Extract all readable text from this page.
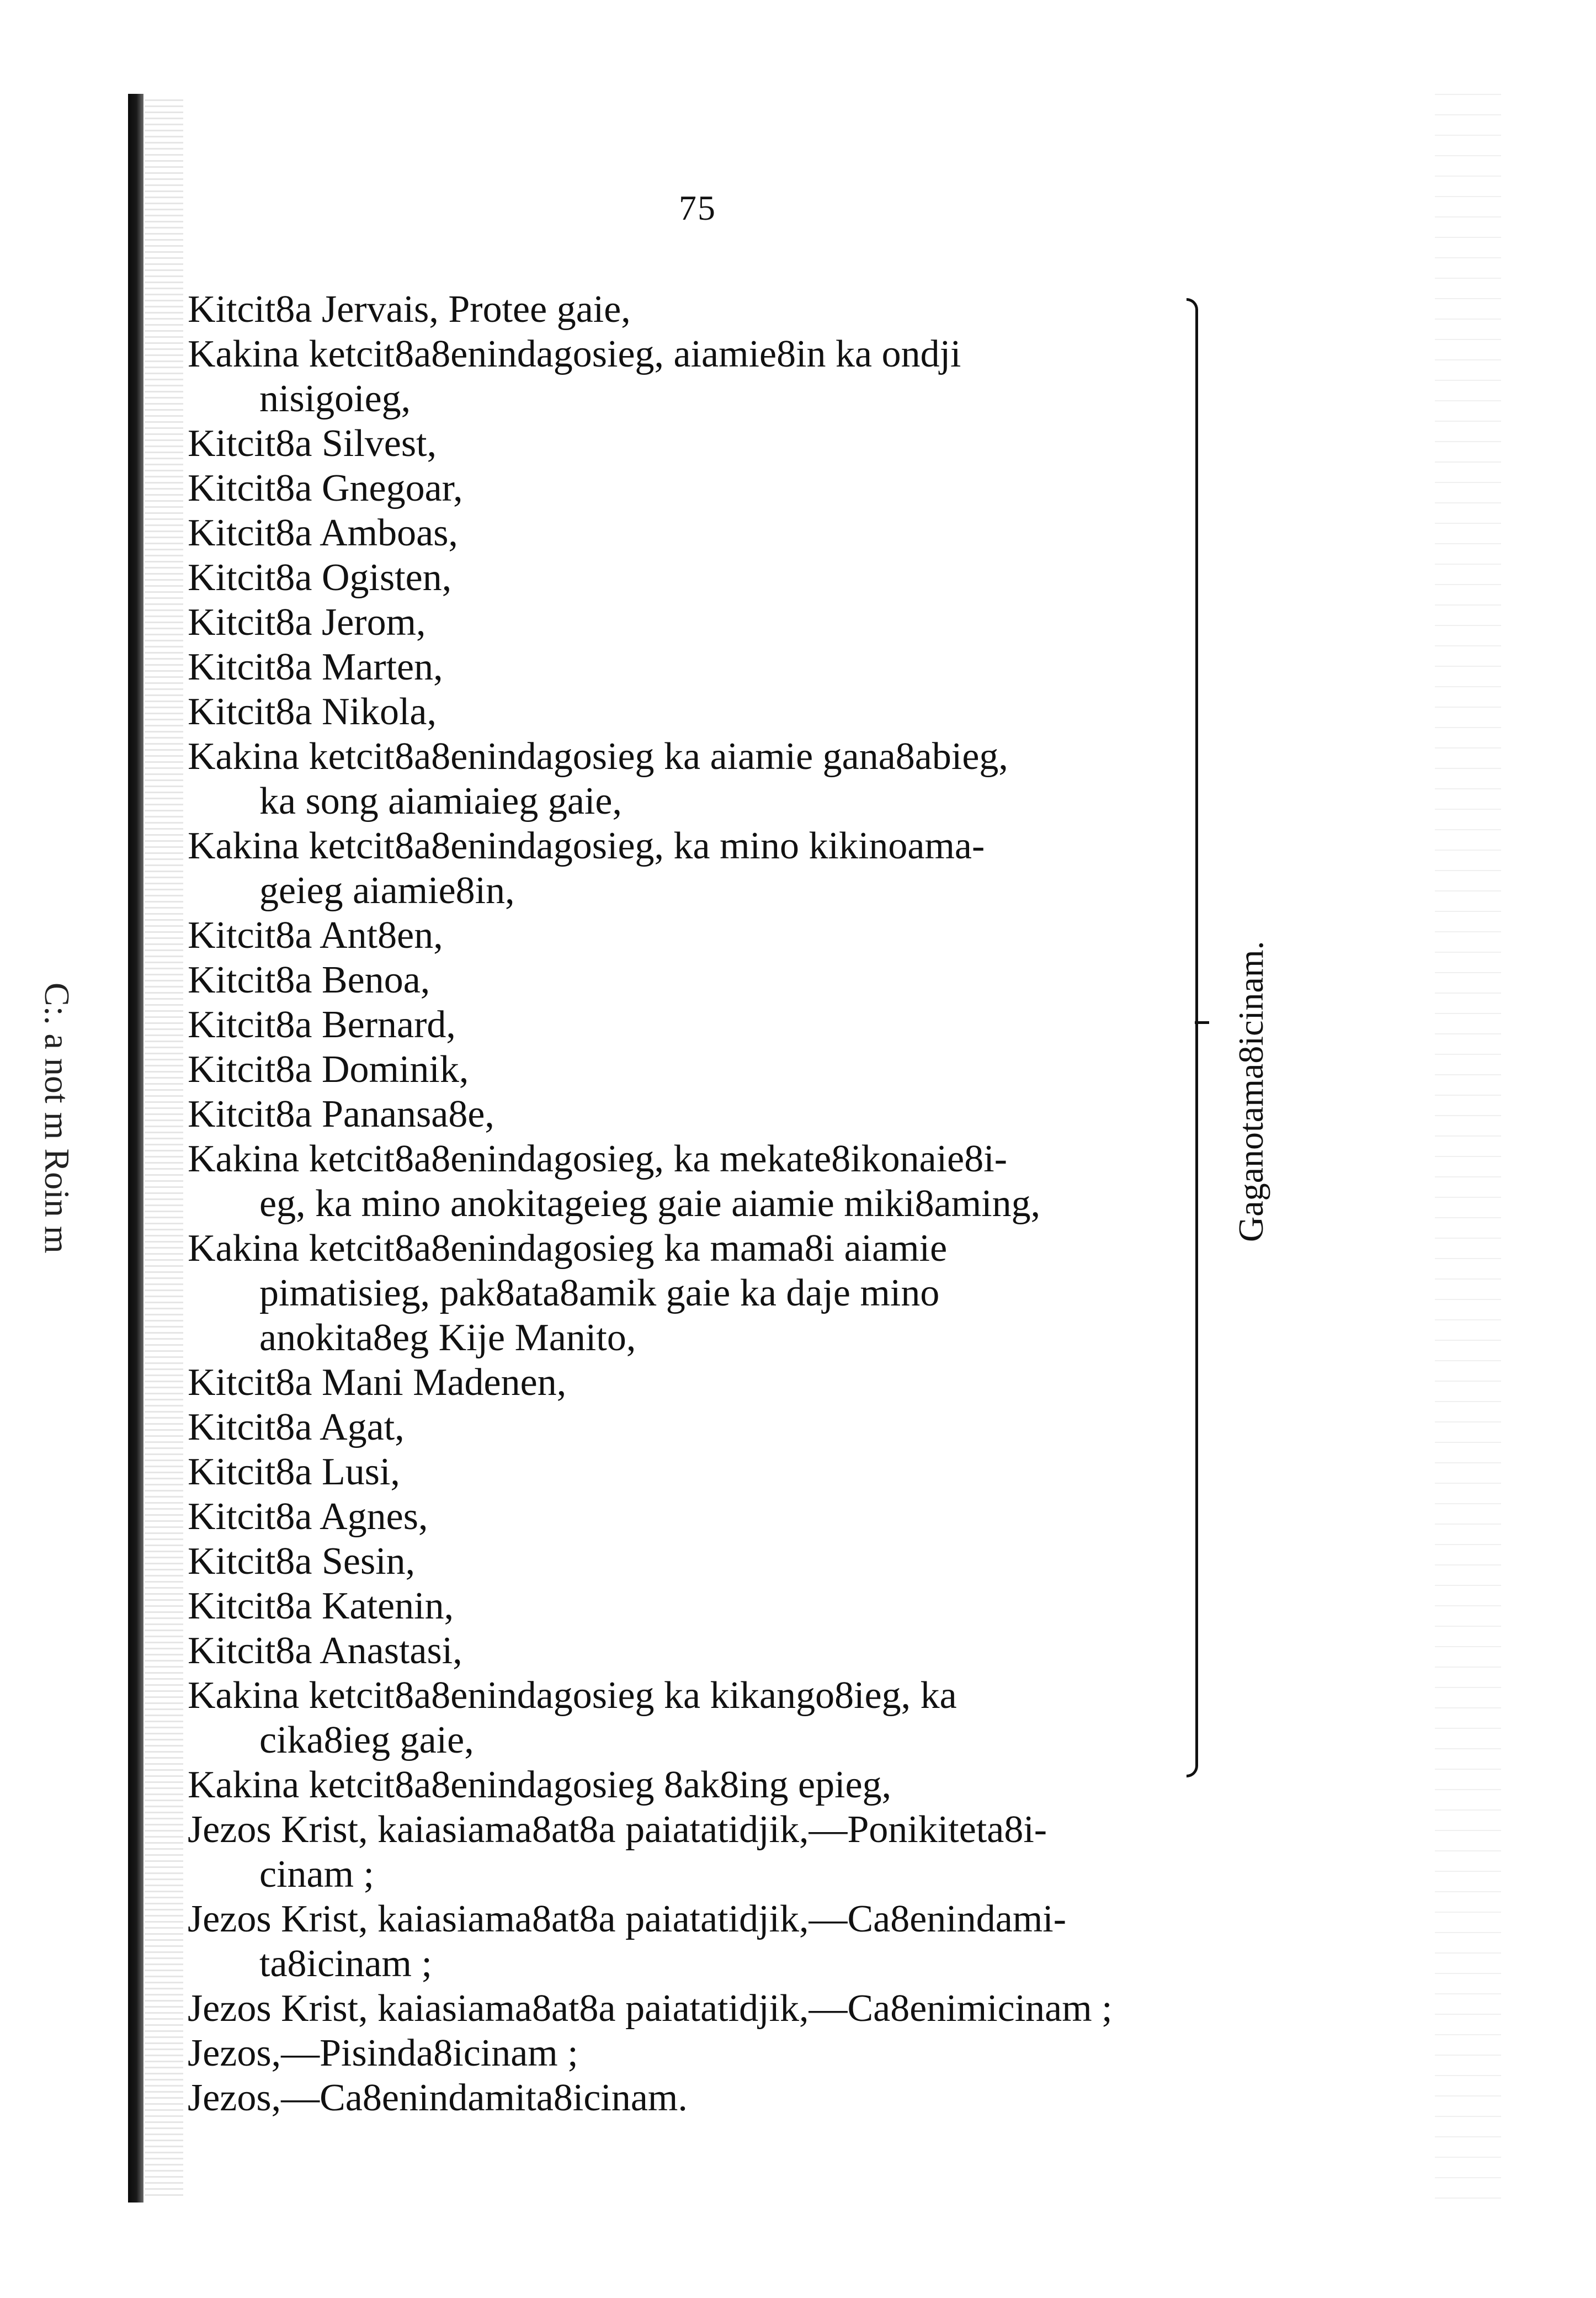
C:. a not m Roin m
75
Kitcit8a Jervais, Protee gaie,
Kakina ketcit8a8enindagosieg, aiamie8in ka ondji
nisigoieg,
Kitcit8a Silvest,
Kitcit8a Gnegoar,
Kitcit8a Amboas,
Kitcit8a Ogisten,
Kitcit8a Jerom,
Kitcit8a Marten,
Kitcit8a Nikola,
Kakina ketcit8a8enindagosieg ka aiamie gana8abieg,
ka song aiamiaieg gaie,
Kakina ketcit8a8enindagosieg, ka mino kikinoama-
geieg aiamie8in,
Kitcit8a Ant8en,
Kitcit8a Benoa,
Kitcit8a Bernard,
Kitcit8a Dominik,
Kitcit8a Panansa8e,
Kakina ketcit8a8enindagosieg, ka mekate8ikonaie8i-
eg, ka mino anokitageieg gaie aiamie miki8aming,
Kakina ketcit8a8enindagosieg ka mama8i aiamie
pimatisieg, pak8ata8amik gaie ka daje mino
anokita8eg Kije Manito,
Kitcit8a Mani Madenen,
Kitcit8a Agat,
Kitcit8a Lusi,
Kitcit8a Agnes,
Kitcit8a Sesin,
Kitcit8a Katenin,
Kitcit8a Anastasi,
Kakina ketcit8a8enindagosieg ka kikango8ieg, ka
cika8ieg gaie,
Kakina ketcit8a8enindagosieg 8ak8ing epieg,
Jezos Krist, kaiasiama8at8a paiatatidjik,—Ponikiteta8i-
cinam ;
Jezos Krist, kaiasiama8at8a paiatatidjik,—Ca8enindami-
ta8icinam ;
Jezos Krist, kaiasiama8at8a paiatatidjik,—Ca8enimicinam ;
Jezos,—Pisinda8icinam ;
Jezos,—Ca8enindamita8icinam.
Gaganotama8icinam.
